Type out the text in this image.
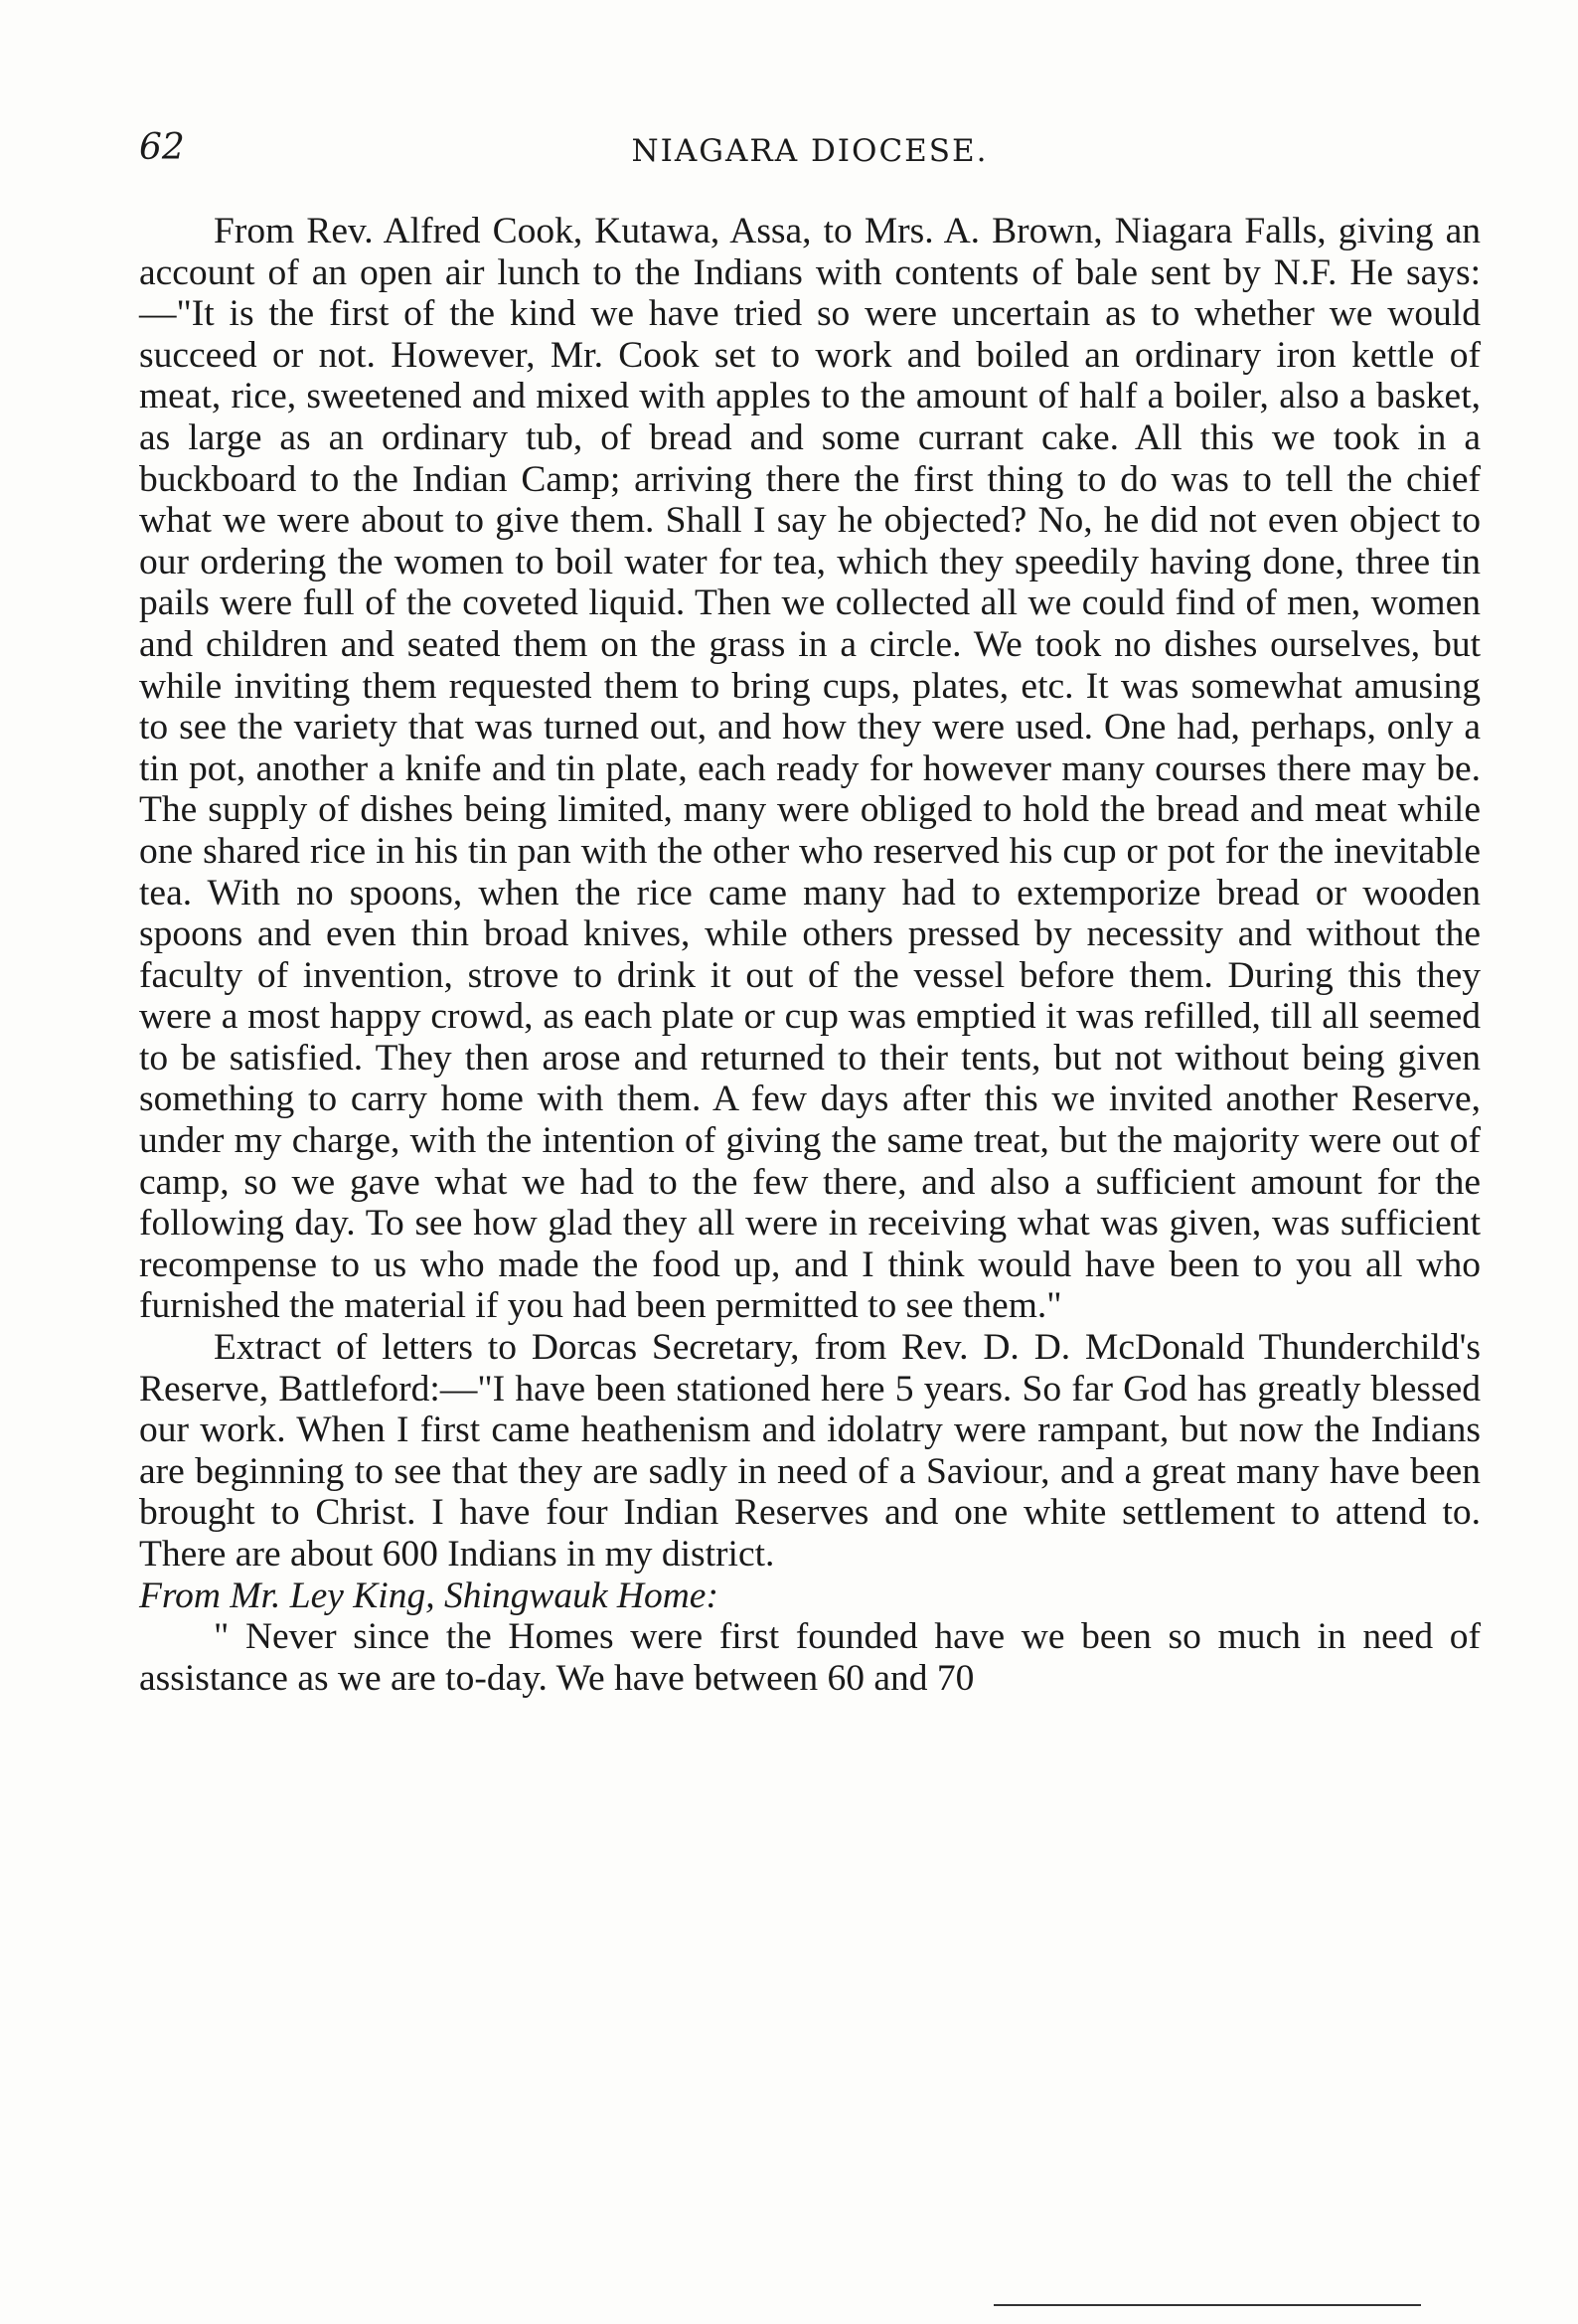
62	NIAGARA DIOCESE.

From Rev. Alfred Cook, Kutawa, Assa, to Mrs. A. Brown, Niagara Falls, giving an account of an open air lunch to the Indians with contents of bale sent by N.F. He says:—"It is the first of the kind we have tried so were uncertain as to whether we would succeed or not. However, Mr. Cook set to work and boiled an ordinary iron kettle of meat, rice, sweetened and mixed with apples to the amount of half a boiler, also a basket, as large as an ordinary tub, of bread and some currant cake. All this we took in a buckboard to the Indian Camp; arriving there the first thing to do was to tell the chief what we were about to give them. Shall I say he objected? No, he did not even object to our ordering the women to boil water for tea, which they speedily having done, three tin pails were full of the coveted liquid. Then we collected all we could find of men, women and children and seated them on the grass in a circle. We took no dishes ourselves, but while inviting them requested them to bring cups, plates, etc. It was somewhat amusing to see the variety that was turned out, and how they were used. One had, perhaps, only a tin pot, another a knife and tin plate, each ready for however many courses there may be. The supply of dishes being limited, many were obliged to hold the bread and meat while one shared rice in his tin pan with the other who reserved his cup or pot for the inevitable tea. With no spoons, when the rice came many had to extemporize bread or wooden spoons and even thin broad knives, while others pressed by necessity and without the faculty of invention, strove to drink it out of the vessel before them. During this they were a most happy crowd, as each plate or cup was emptied it was refilled, till all seemed to be satisfied. They then arose and returned to their tents, but not without being given something to carry home with them. A few days after this we invited another Reserve, under my charge, with the intention of giving the same treat, but the majority were out of camp, so we gave what we had to the few there, and also a sufficient amount for the following day. To see how glad they all were in receiving what was given, was sufficient recompense to us who made the food up, and I think would have been to you all who furnished the material if you had been permitted to see them."

Extract of letters to Dorcas Secretary, from Rev. D. D. McDonald Thunderchild's Reserve, Battleford:—"I have been stationed here 5 years. So far God has greatly blessed our work. When I first came heathenism and idolatry were rampant, but now the Indians are beginning to see that they are sadly in need of a Saviour, and a great many have been brought to Christ. I have four Indian Reserves and one white settlement to attend to. There are about 600 Indians in my district.

From Mr. Ley King, Shingwauk Home:

" Never since the Homes were first founded have we been so much in need of assistance as we are to-day. We have between 60 and 70
